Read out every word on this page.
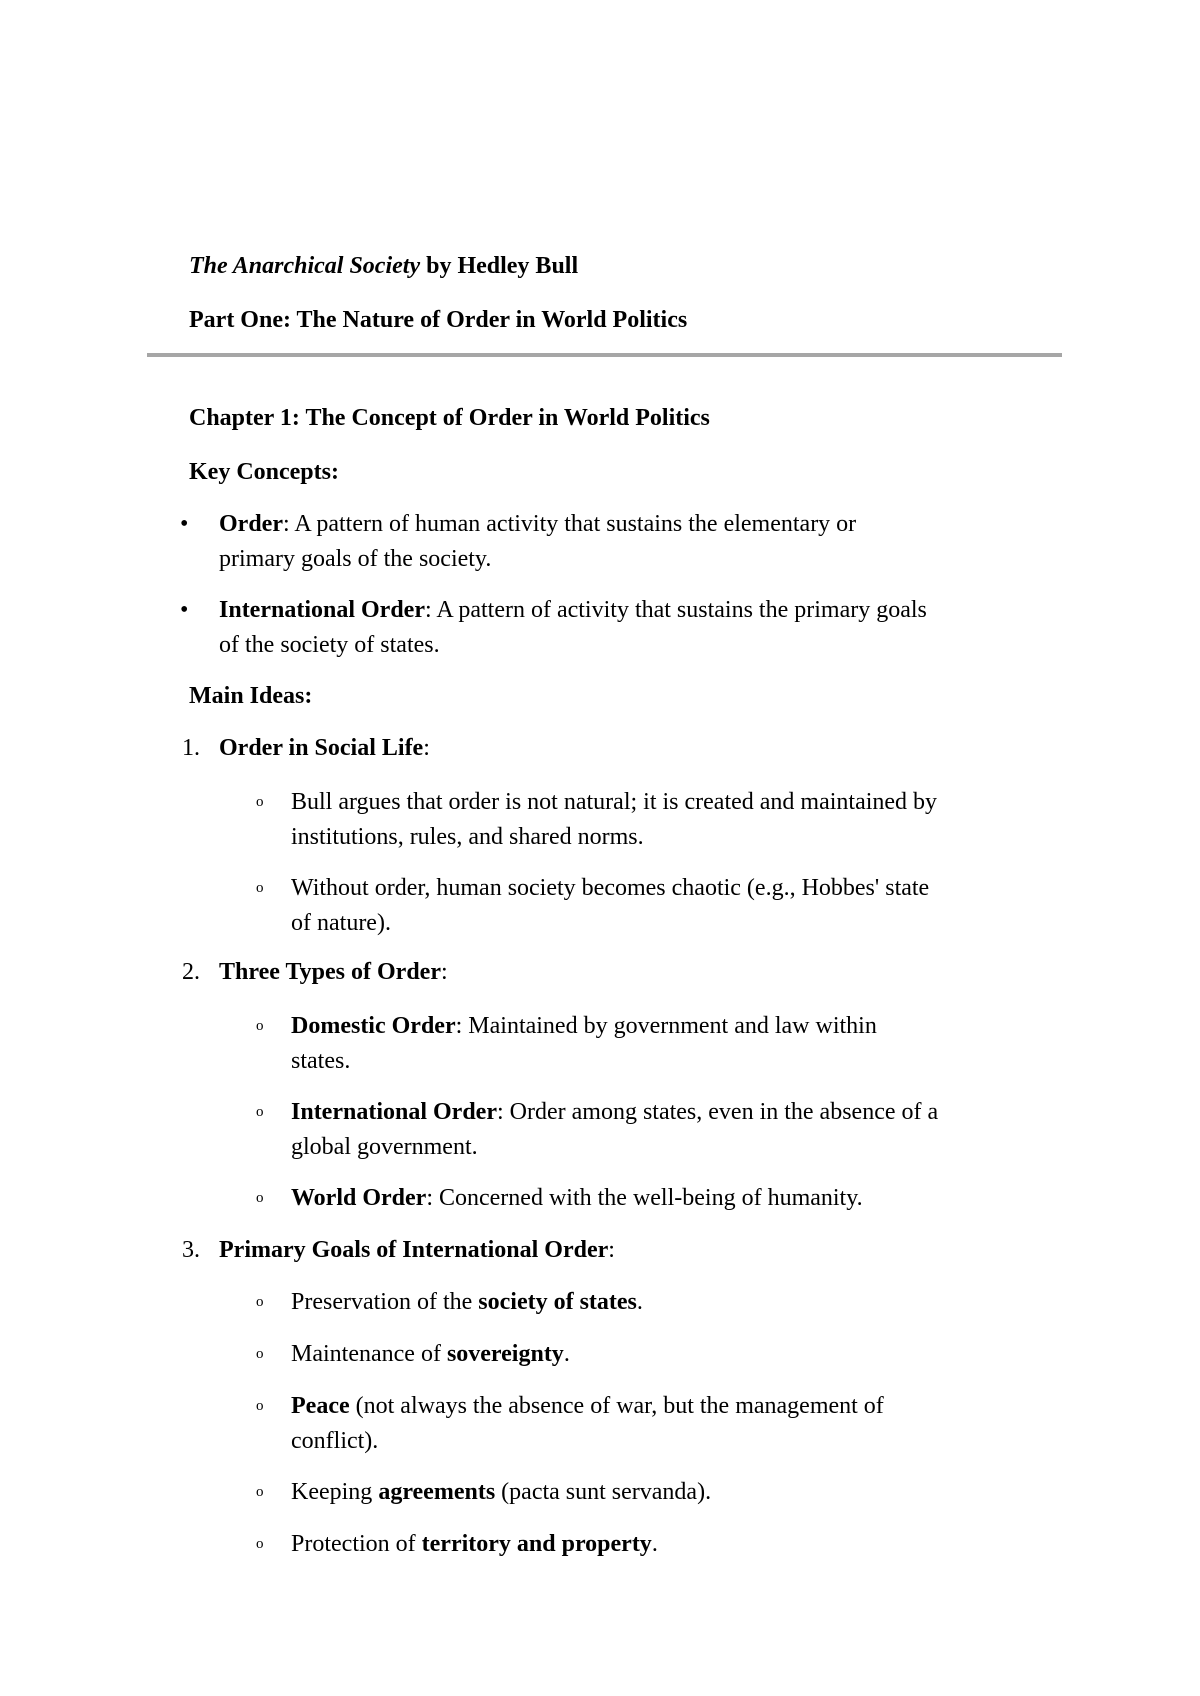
The Anarchical Society by Hedley Bull
Part One: The Nature of Order in World Politics
Chapter 1: The Concept of Order in World Politics
Key Concepts:
• Order: A pattern of human activity that sustains the elementary or
primary goals of the society.
• International Order: A pattern of activity that sustains the primary goals
of the society of states.
Main Ideas:
1. Order in Social Life:
o Bull argues that order is not natural; it is created and maintained by
institutions, rules, and shared norms.
o Without order, human society becomes chaotic (e.g., Hobbes' state
of nature).
2. Three Types of Order:
o Domestic Order: Maintained by government and law within
states.
o International Order: Order among states, even in the absence of a
global government.
o World Order: Concerned with the well-being of humanity.
3. Primary Goals of International Order:
o Preservation of the society of states.
o Maintenance of sovereignty.
o Peace (not always the absence of war, but the management of
conflict).
o Keeping agreements (pacta sunt servanda).
o Protection of territory and property.
